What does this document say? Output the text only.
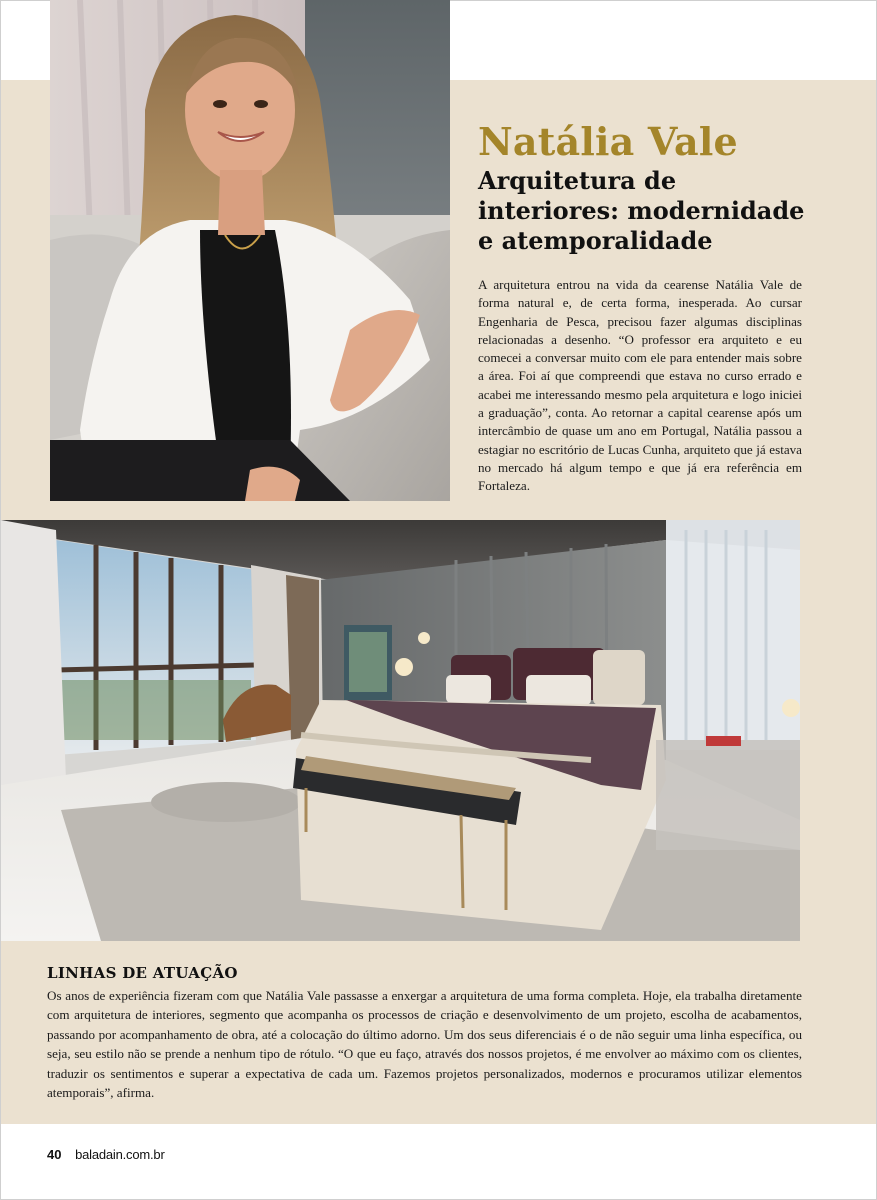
Natália Vale
Arquitetura de interiores: modernidade e atemporalidade

A arquitetura entrou na vida da cearense Natália Vale de forma natural e, de certa forma, inesperada. Ao cursar Engenharia de Pesca, precisou fazer algumas disciplinas relacionadas a desenho. “O professor era arquiteto e eu comecei a conversar muito com ele para entender mais sobre a área. Foi aí que compreendi que estava no curso errado e acabei me interessando mesmo pela arquitetura e logo iniciei a graduação”, conta. Ao retornar a capital cearense após um intercâmbio de quase um ano em Portugal, Natália passou a estagiar no escritório de Lucas Cunha, arquiteto que já estava no mercado há algum tempo e que já era referência em Fortaleza.

LINHAS DE ATUAÇÃO

Os anos de experiência fizeram com que Natália Vale passasse a enxergar a arquitetura de uma forma completa. Hoje, ela trabalha diretamente com arquitetura de interiores, segmento que acompanha os processos de criação e desenvolvimento de um projeto, escolha de acabamentos, passando por acompanhamento de obra, até a colocação do último adorno. Um dos seus diferenciais é o de não seguir uma linha específica, ou seja, seu estilo não se prende a nenhum tipo de rótulo. “O que eu faço, através dos nossos projetos, é me envolver ao máximo com os clientes, traduzir os sentimentos e superar a expectativa de cada um. Fazemos projetos personalizados, modernos e procuramos utilizar elementos atemporais”, afirma.

40 baladain.com.br
